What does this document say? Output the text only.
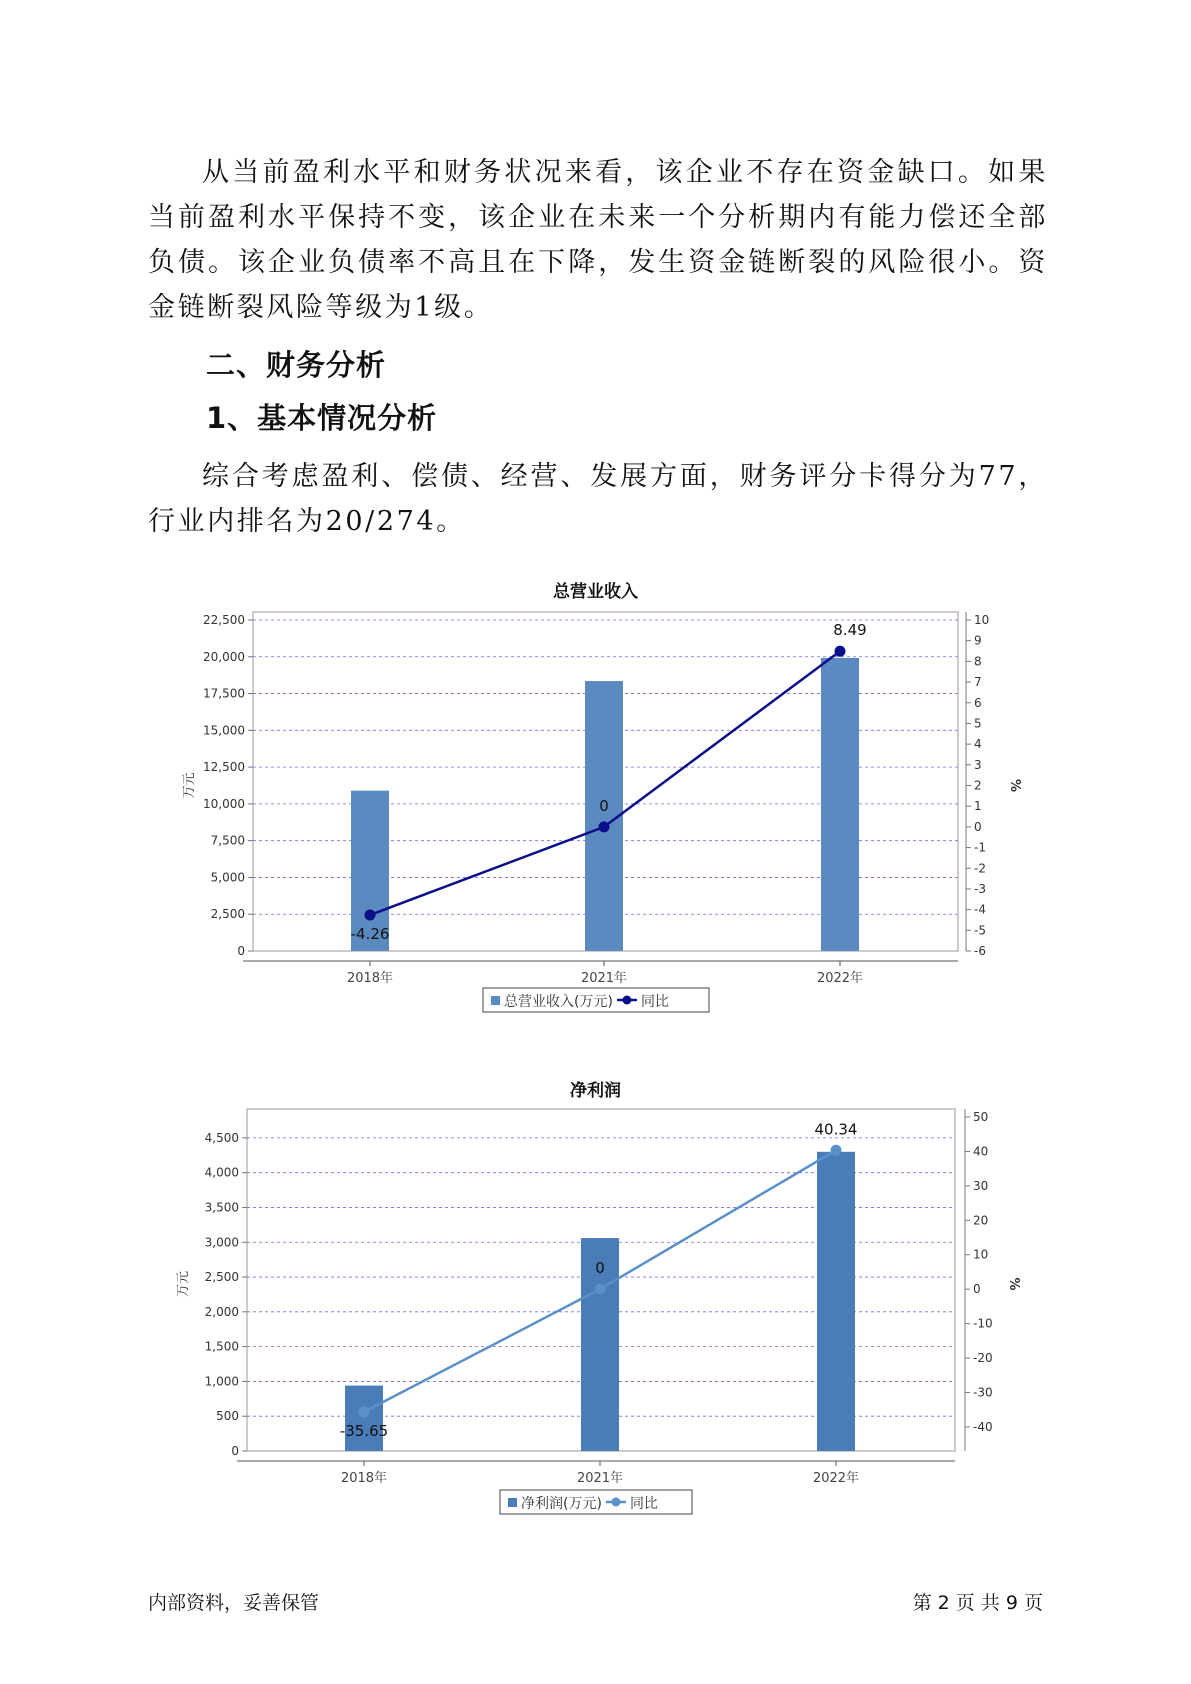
从当前盈利水平和财务状况来看，该企业不存在资金缺口。如果当前盈利水平保持不变，该企业在未来一个分析期内有能力偿还全部负债。该企业负债率不高且在下降，发生资金链断裂的风险很小。资金链断裂风险等级为1级。

二、财务分析
1、基本情况分析

综合考虑盈利、偿债、经营、发展方面，财务评分卡得分为77，行业内排名为20/274。

总营业收入
0
2,500
5,000
7,500
10,000
12,500
15,000
17,500
20,000
22,500
-6
-5
-4
-3
-2
-1
0
1
2
3
4
5
6
7
8
9
10
2018年	2021年	2022年
万元	%
-4.26
0
8.49
总营业收入(万元) 同比
净利润
0
500
1,000
1,500
2,000
2,500
3,000
3,500
4,000
4,500
-40
-30
-20
-10
0
10
20
30
40
50
2018年	2021年	2022年
万元	%
-35.65
0
40.34
净利润(万元) 同比
内部资料，妥善保管	第 2 页 共 9 页
